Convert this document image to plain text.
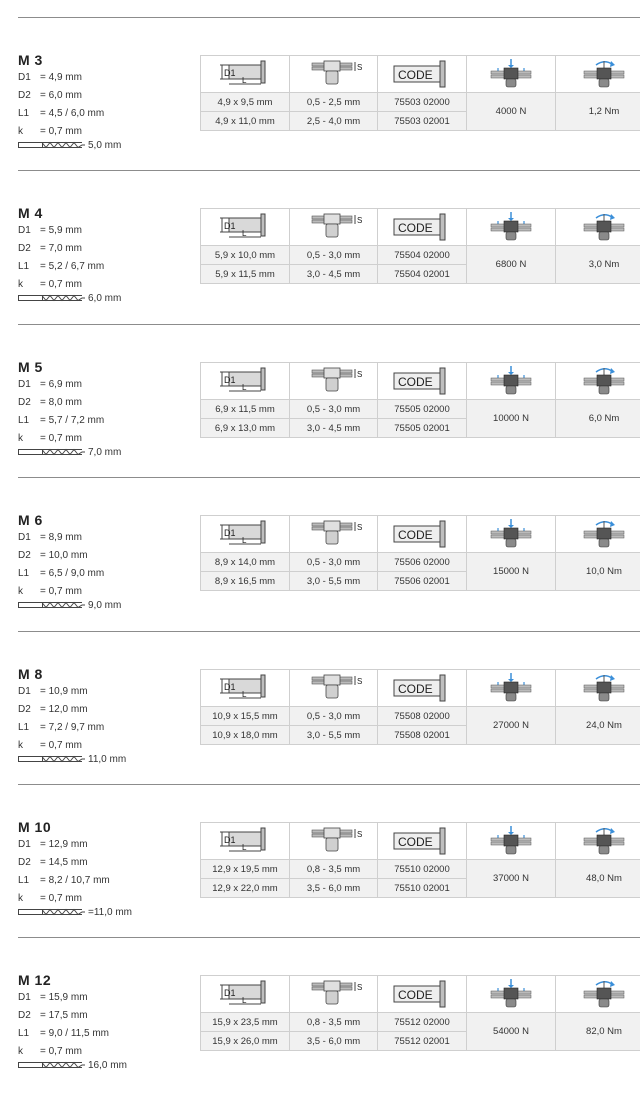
M 3
D1 = 4,9 mm
D2 = 6,0 mm
L1 = 4,5 / 6,0 mm
k = 0,7 mm
5,0 mm
D1
L	S	CODE

4,9 x 9,5 mm	0,5 - 2,5 mm	75503 02000	4000 N	1,2 Nm
4,9 x 11,0 mm	2,5 - 4,0 mm	75503 02001		
M 4
D1 = 5,9 mm
D2 = 7,0 mm
L1 = 5,2 / 6,7 mm
k = 0,7 mm
6,0 mm
D1
L	S	CODE

5,9 x 10,0 mm	0,5 - 3,0 mm	75504 02000	6800 N	3,0 Nm
5,9 x 11,5 mm	3,0 - 4,5 mm	75504 02001		
M 5
D1 = 6,9 mm
D2 = 8,0 mm
L1 = 5,7 / 7,2 mm
k = 0,7 mm
7,0 mm
D1
L	S	CODE

6,9 x 11,5 mm	0,5 - 3,0 mm	75505 02000	10000 N	6,0 Nm
6,9 x 13,0 mm	3,0 - 4,5 mm	75505 02001		
M 6
D1 = 8,9 mm
D2 = 10,0 mm
L1 = 6,5 / 9,0 mm
k = 0,7 mm
9,0 mm
D1
L	S	CODE

8,9 x 14,0 mm	0,5 - 3,0 mm	75506 02000	15000 N	10,0 Nm
8,9 x 16,5 mm	3,0 - 5,5 mm	75506 02001		
M 8
D1 = 10,9 mm
D2 = 12,0 mm
L1 = 7,2 / 9,7 mm
k = 0,7 mm
11,0 mm
D1
L	S	CODE

10,9 x 15,5 mm	0,5 - 3,0 mm	75508 02000	27000 N	24,0 Nm
10,9 x 18,0 mm	3,0 - 5,5 mm	75508 02001		
M 10
D1 = 12,9 mm
D2 = 14,5 mm
L1 = 8,2 / 10,7 mm
k = 0,7 mm
=11,0 mm
D1
L	S	CODE

12,9 x 19,5 mm	0,8 - 3,5 mm	75510 02000	37000 N	48,0 Nm
12,9 x 22,0 mm	3,5 - 6,0 mm	75510 02001		
M 12
D1 = 15,9 mm
D2 = 17,5 mm
L1 = 9,0 / 11,5 mm
k = 0,7 mm
16,0 mm
D1
L	S	CODE

15,9 x 23,5 mm	0,8 - 3,5 mm	75512 02000	54000 N	82,0 Nm
15,9 x 26,0 mm	3,5 - 6,0 mm	75512 02001		
